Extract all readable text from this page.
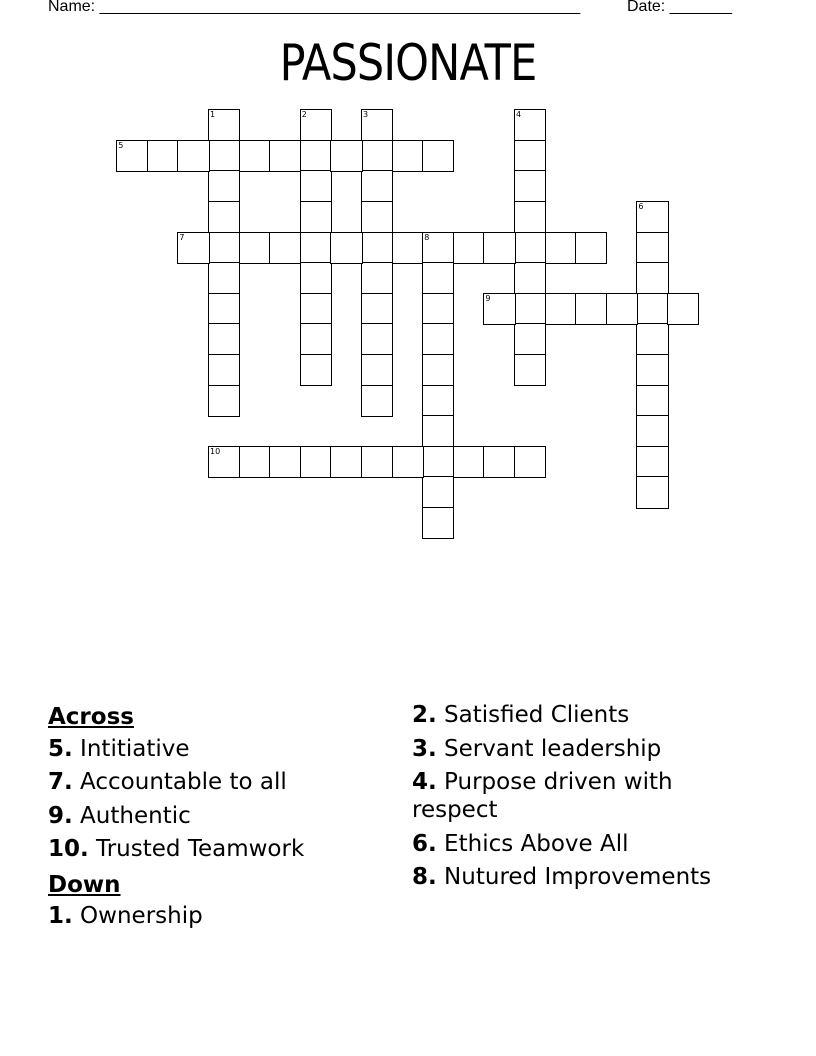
Name: ______________________________________________________	Date: _______
PASSIONATE
1	2	3	4
5
6
7	8
9
10
Across
5. Intitiative
7. Accountable to all
9. Authentic
10. Trusted Teamwork
Down
1. Ownership
2. Satisfied Clients
3. Servant leadership
4. Purpose driven with respect
6. Ethics Above All
8. Nutured Improvements
